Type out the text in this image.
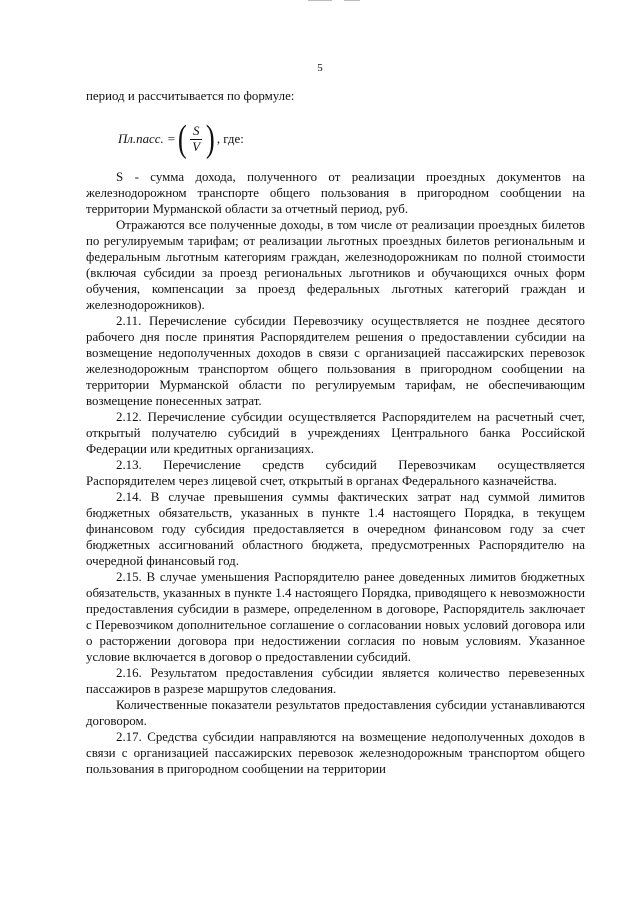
5

период и рассчитывается по формуле:

Пл.пасс. = ( $\frac{S}{V}$ ) , где:

S - сумма дохода, полученного от реализации проездных документов на железнодорожном транспорте общего пользования в пригородном сообщении на территории Мурманской области за отчетный период, руб.

Отражаются все полученные доходы, в том числе от реализации проездных билетов по регулируемым тарифам; от реализации льготных проездных билетов региональным и федеральным льготным категориям граждан, железнодорожникам по полной стоимости (включая субсидии за проезд региональных льготников и обучающихся очных форм обучения, компенсации за проезд федеральных льготных категорий граждан и железнодорожников).

2.11. Перечисление субсидии Перевозчику осуществляется не позднее десятого рабочего дня после принятия Распорядителем решения о предоставлении субсидии на возмещение недополученных доходов в связи с организацией пассажирских перевозок железнодорожным транспортом общего пользования в пригородном сообщении на территории Мурманской области по регулируемым тарифам, не обеспечивающим возмещение понесенных затрат.

2.12. Перечисление субсидии осуществляется Распорядителем на расчетный счет, открытый получателю субсидий в учреждениях Центрального банка Российской Федерации или кредитных организациях.

2.13. Перечисление средств субсидий Перевозчикам осуществляется Распорядителем через лицевой счет, открытый в органах Федерального казначейства.

2.14. В случае превышения суммы фактических затрат над суммой лимитов бюджетных обязательств, указанных в пункте 1.4 настоящего Порядка, в текущем финансовом году субсидия предоставляется в очередном финансовом году за счет бюджетных ассигнований областного бюджета, предусмотренных Распорядителю на очередной финансовый год.

2.15. В случае уменьшения Распорядителю ранее доведенных лимитов бюджетных обязательств, указанных в пункте 1.4 настоящего Порядка, приводящего к невозможности предоставления субсидии в размере, определенном в договоре, Распорядитель заключает с Перевозчиком дополнительное соглашение о согласовании новых условий договора или о расторжении договора при недостижении согласия по новым условиям. Указанное условие включается в договор о предоставлении субсидий.

2.16. Результатом предоставления субсидии является количество перевезенных пассажиров в разрезе маршрутов следования.

Количественные показатели результатов предоставления субсидии устанавливаются договором.

2.17. Средства субсидии направляются на возмещение недополученных доходов в связи с организацией пассажирских перевозок железнодорожным транспортом общего пользования в пригородном сообщении на территории
